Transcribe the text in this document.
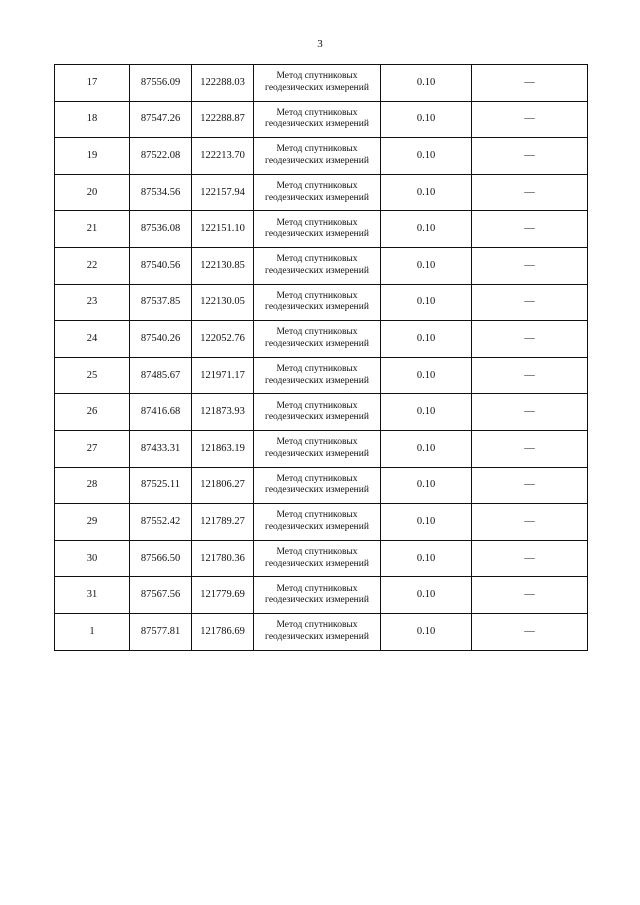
3
17	87556.09	122288.03	Метод спутниковых геодезических измерений	0.10	—
18	87547.26	122288.87	Метод спутниковых геодезических измерений	0.10	—
19	87522.08	122213.70	Метод спутниковых геодезических измерений	0.10	—
20	87534.56	122157.94	Метод спутниковых геодезических измерений	0.10	—
21	87536.08	122151.10	Метод спутниковых геодезических измерений	0.10	—
22	87540.56	122130.85	Метод спутниковых геодезических измерений	0.10	—
23	87537.85	122130.05	Метод спутниковых геодезических измерений	0.10	—
24	87540.26	122052.76	Метод спутниковых геодезических измерений	0.10	—
25	87485.67	121971.17	Метод спутниковых геодезических измерений	0.10	—
26	87416.68	121873.93	Метод спутниковых геодезических измерений	0.10	—
27	87433.31	121863.19	Метод спутниковых геодезических измерений	0.10	—
28	87525.11	121806.27	Метод спутниковых геодезических измерений	0.10	—
29	87552.42	121789.27	Метод спутниковых геодезических измерений	0.10	—
30	87566.50	121780.36	Метод спутниковых геодезических измерений	0.10	—
31	87567.56	121779.69	Метод спутниковых геодезических измерений	0.10	—
1	87577.81	121786.69	Метод спутниковых геодезических измерений	0.10	—
